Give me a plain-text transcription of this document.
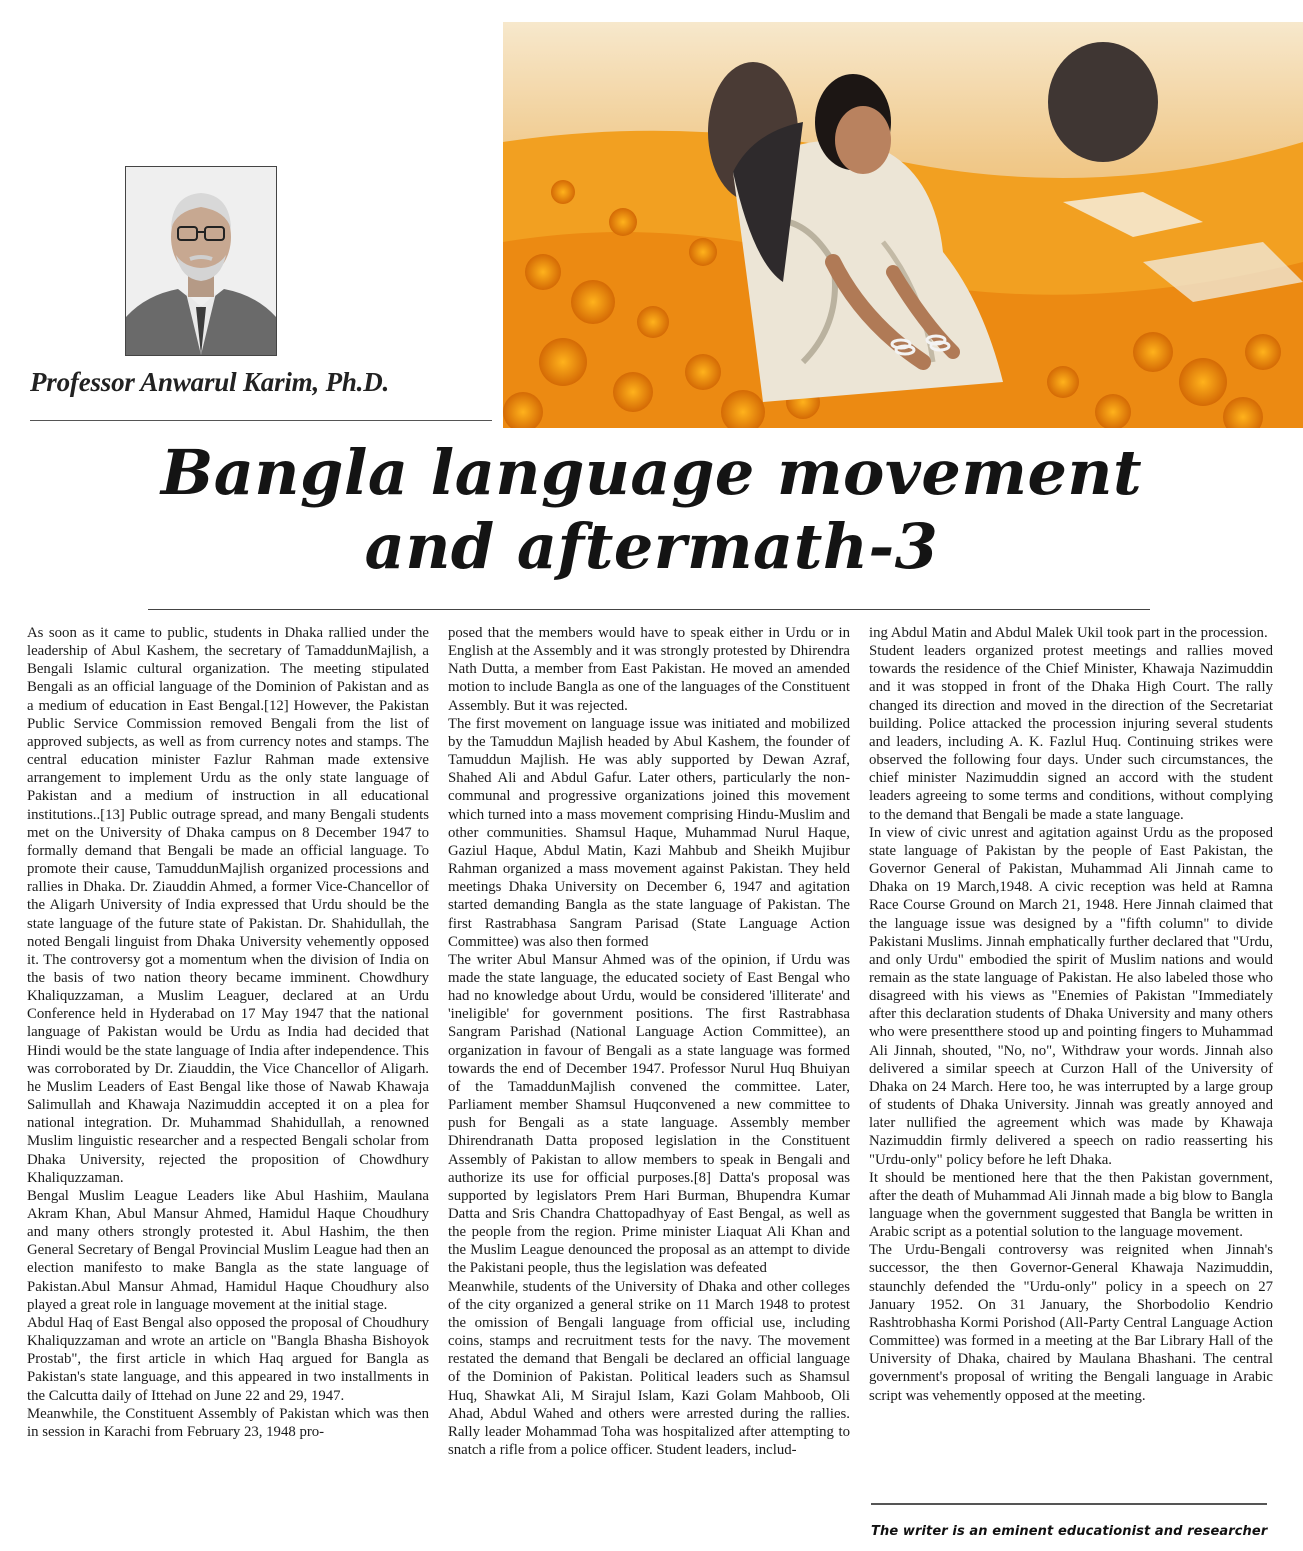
Professor Anwarul Karim, Ph.D.
Bangla language movement
and aftermath-3

As soon as it came to public, students in Dhaka rallied under the leadership of Abul Kashem, the secretary of TamaddunMajlish, a Bengali Islamic cultural organization. The meeting stipulated Bengali as an official language of the Dominion of Pakistan and as a medium of education in East Bengal.[12] However, the Pakistan Public Service Commission removed Bengali from the list of approved subjects, as well as from currency notes and stamps. The central education minister Fazlur Rahman made extensive arrangement to implement Urdu as the only state language of Pakistan and a medium of instruction in all educational institutions..[13] Public outrage spread, and many Bengali students met on the University of Dhaka campus on 8 December 1947 to formally demand that Bengali be made an official language. To promote their cause, TamuddunMajlish organized processions and rallies in Dhaka. Dr. Ziauddin Ahmed, a former Vice-Chancellor of the Aligarh University of India expressed that Urdu should be the state language of the future state of Pakistan. Dr. Shahidullah, the noted Bengali linguist from Dhaka University vehemently opposed it. The controversy got a momentum when the division of India on the basis of two nation theory became imminent. Chowdhury Khaliquzzaman, a Muslim Leaguer, declared at an Urdu Conference held in Hyderabad on 17 May 1947 that the national language of Pakistan would be Urdu as India had decided that Hindi would be the state language of India after independence. This was corroborated by Dr. Ziauddin, the Vice Chancellor of Aligarh. he Muslim Leaders of East Bengal like those of Nawab Khawaja Salimullah and Khawaja Nazimuddin accepted it on a plea for national integration. Dr. Muhammad Shahidullah, a renowned Muslim linguistic researcher and a respected Bengali scholar from Dhaka University, rejected the proposition of Chowdhury Khaliquzzaman.

Bengal Muslim League Leaders like Abul Hashiim, Maulana Akram Khan, Abul Mansur Ahmed, Hamidul Haque Choudhury and many others strongly protested it. Abul Hashim, the then General Secretary of Bengal Provincial Muslim League had then an election manifesto to make Bangla as the state language of Pakistan.Abul Mansur Ahmad, Hamidul Haque Choudhury also played a great role in language movement at the initial stage.

Abdul Haq of East Bengal also opposed the proposal of Choudhury Khaliquzzaman and wrote an article on "Bangla Bhasha Bishoyok Prostab", the first article in which Haq argued for Bangla as Pakistan's state language, and this appeared in two installments in the Calcutta daily of Ittehad on June 22 and 29, 1947.

Meanwhile, the Constituent Assembly of Pakistan which was then in session in Karachi from February 23, 1948 pro-

posed that the members would have to speak either in Urdu or in English at the Assembly and it was strongly protested by Dhirendra Nath Dutta, a member from East Pakistan. He moved an amended motion to include Bangla as one of the languages of the Constituent Assembly. But it was rejected.

The first movement on language issue was initiated and mobilized by the Tamuddun Majlish headed by Abul Kashem, the founder of Tamuddun Majlish. He was ably supported by Dewan Azraf, Shahed Ali and Abdul Gafur. Later others, particularly the non-communal and progressive organizations joined this movement which turned into a mass movement comprising Hindu-Muslim and other communities. Shamsul Haque, Muhammad Nurul Haque, Gaziul Haque, Abdul Matin, Kazi Mahbub and Sheikh Mujibur Rahman organized a mass movement against Pakistan. They held meetings Dhaka University on December 6, 1947 and agitation started demanding Bangla as the state language of Pakistan. The first Rastrabhasa Sangram Parisad (State Language Action Committee) was also then formed

The writer Abul Mansur Ahmed was of the opinion, if Urdu was made the state language, the educated society of East Bengal who had no knowledge about Urdu, would be considered 'illiterate' and 'ineligible' for government positions. The first Rastrabhasa Sangram Parishad (National Language Action Committee), an organization in favour of Bengali as a state language was formed towards the end of December 1947. Professor Nurul Huq Bhuiyan of the TamaddunMajlish convened the committee. Later, Parliament member Shamsul Huqconvened a new committee to push for Bengali as a state language. Assembly member Dhirendranath Datta proposed legislation in the Constituent Assembly of Pakistan to allow members to speak in Bengali and authorize its use for official purposes.[8] Datta's proposal was supported by legislators Prem Hari Burman, Bhupendra Kumar Datta and Sris Chandra Chattopadhyay of East Bengal, as well as the people from the region. Prime minister Liaquat Ali Khan and the Muslim League denounced the proposal as an attempt to divide the Pakistani people, thus the legislation was defeated

Meanwhile, students of the University of Dhaka and other colleges of the city organized a general strike on 11 March 1948 to protest the omission of Bengali language from official use, including coins, stamps and recruitment tests for the navy. The movement restated the demand that Bengali be declared an official language of the Dominion of Pakistan. Political leaders such as Shamsul Huq, Shawkat Ali, M Sirajul Islam, Kazi Golam Mahboob, Oli Ahad, Abdul Wahed and others were arrested during the rallies. Rally leader Mohammad Toha was hospitalized after attempting to snatch a rifle from a police officer. Student leaders, includ-

ing Abdul Matin and Abdul Malek Ukil took part in the procession.

Student leaders organized protest meetings and rallies moved towards the residence of the Chief Minister, Khawaja Nazimuddin and it was stopped in front of the Dhaka High Court. The rally changed its direction and moved in the direction of the Secretariat building. Police attacked the procession injuring several students and leaders, including A. K. Fazlul Huq. Continuing strikes were observed the following four days. Under such circumstances, the chief minister Nazimuddin signed an accord with the student leaders agreeing to some terms and conditions, without complying to the demand that Bengali be made a state language.

In view of civic unrest and agitation against Urdu as the proposed state language of Pakistan by the people of East Pakistan, the Governor General of Pakistan, Muhammad Ali Jinnah came to Dhaka on 19 March,1948. A civic reception was held at Ramna Race Course Ground on March 21, 1948. Here Jinnah claimed that the language issue was designed by a "fifth column" to divide Pakistani Muslims. Jinnah emphatically further declared that "Urdu, and only Urdu" embodied the spirit of Muslim nations and would remain as the state language of Pakistan. He also labeled those who disagreed with his views as "Enemies of Pakistan "Immediately after this declaration students of Dhaka University and many others who were presentthere stood up and pointing fingers to Muhammad Ali Jinnah, shouted, "No, no", Withdraw your words. Jinnah also delivered a similar speech at Curzon Hall of the University of Dhaka on 24 March. Here too, he was interrupted by a large group of students of Dhaka University. Jinnah was greatly annoyed and later nullified the agreement which was made by Khawaja Nazimuddin firmly delivered a speech on radio reasserting his "Urdu-only" policy before he left Dhaka.

It should be mentioned here that the then Pakistan government, after the death of Muhammad Ali Jinnah made a big blow to Bangla language when the government suggested that Bangla be written in Arabic script as a potential solution to the language movement.

The Urdu-Bengali controversy was reignited when Jinnah's successor, the then Governor-General Khawaja Nazimuddin, staunchly defended the "Urdu-only" policy in a speech on 27 January 1952. On 31 January, the Shorbodolio Kendrio Rashtrobhasha Kormi Porishod (All-Party Central Language Action Committee) was formed in a meeting at the Bar Library Hall of the University of Dhaka, chaired by Maulana Bhashani. The central government's proposal of writing the Bengali language in Arabic script was vehemently opposed at the meeting.

The writer is an eminent educationist and researcher
